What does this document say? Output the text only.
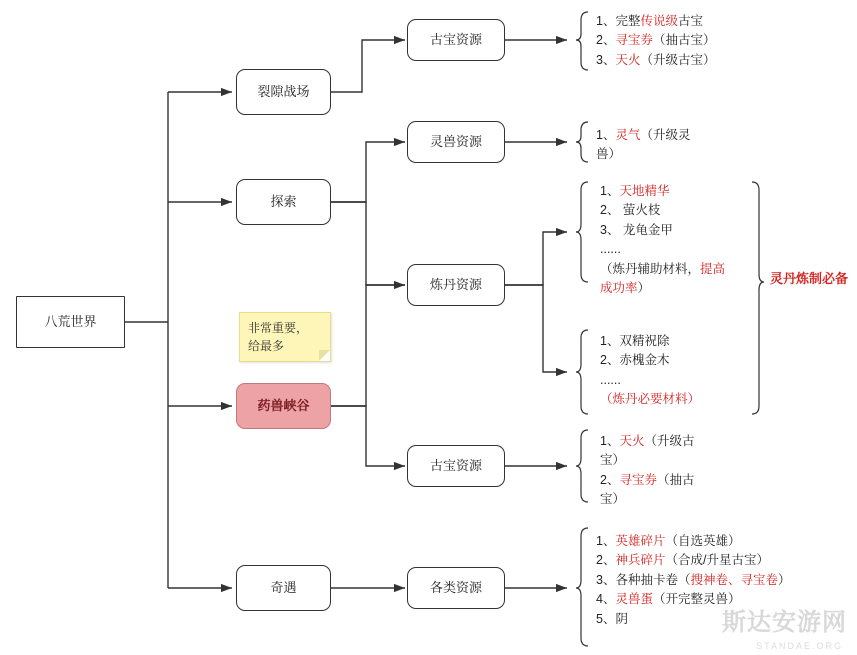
八荒世界
裂隙战场
探索
药兽峡谷
奇遇
古宝资源
灵兽资源
炼丹资源
古宝资源
各类资源
1、完整传说级古宝
2、寻宝券（抽古宝）
3、天火（升级古宝）
1、灵气（升级灵
兽）
1、天地精华
2、 萤火枝
3、 龙龟金甲
......
（炼丹辅助材料，提高
成功率）
1、双精祝除
2、赤槐金木
......
（炼丹必要材料）
1、天火（升级古
宝）
2、寻宝券（抽古
宝）
1、英雄碎片（自选英雄）
2、神兵碎片（合成/升星古宝）
3、各种抽卡卷（搜神卷、寻宝卷）
4、灵兽蛋（开完整灵兽）
5、阴
非常重要， 给最多
灵丹炼制必备
斯达安游网
STANDAE.ORG
